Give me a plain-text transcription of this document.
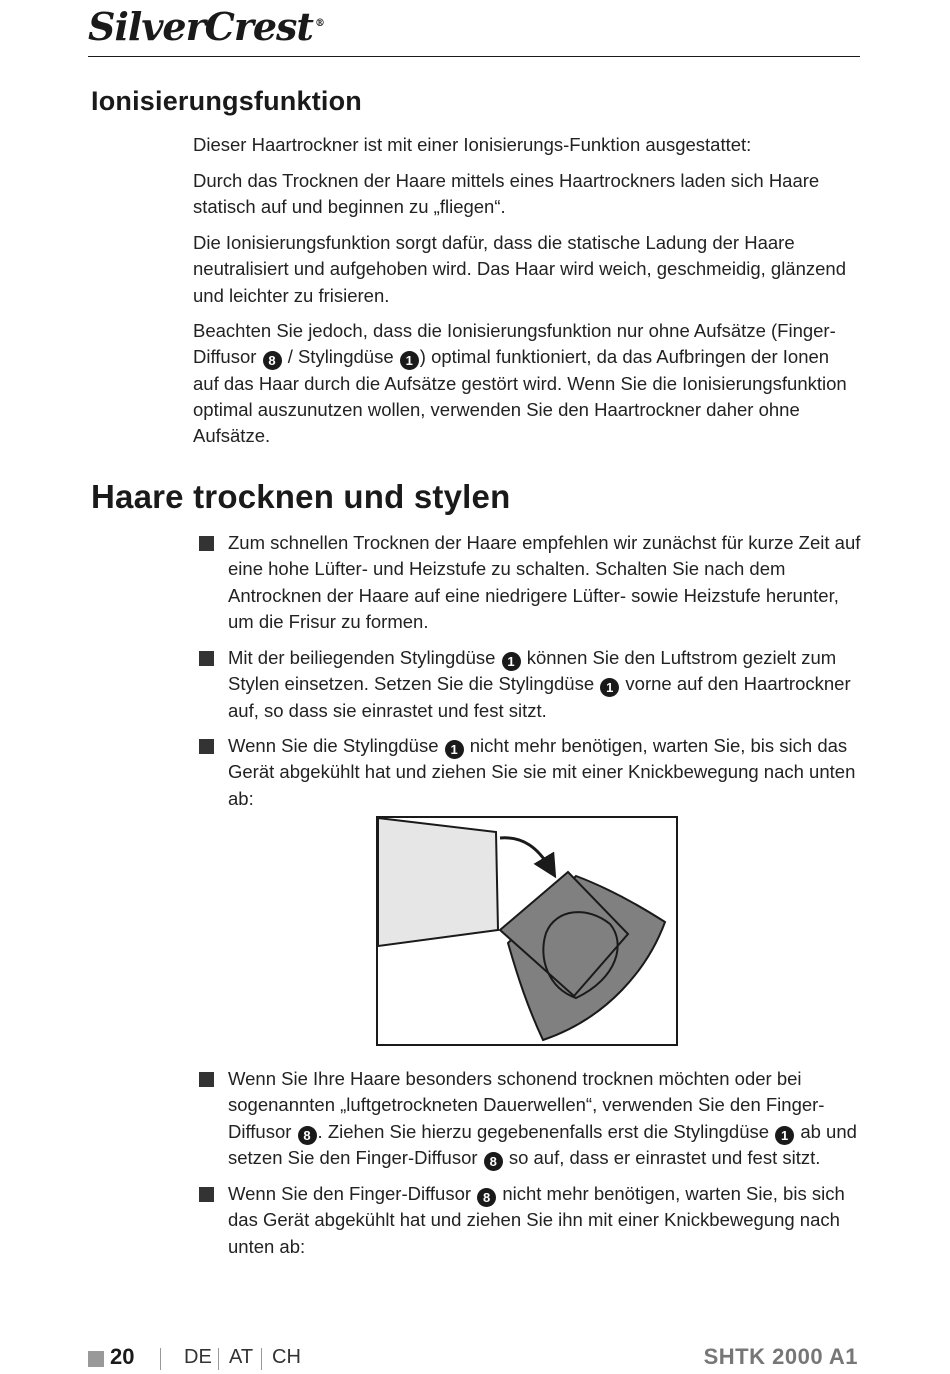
SilverCrest ®
Ionisierungsfunktion

Dieser Haartrockner ist mit einer Ionisierungs-Funktion ausgestattet:

Durch das Trocknen der Haare mittels eines Haartrockners laden sich Haare statisch auf und beginnen zu „fliegen“.

Die Ionisierungsfunktion sorgt dafür, dass die statische Ladung der Haare neutralisiert und aufgehoben wird. Das Haar wird weich, geschmeidig, glänzend und leichter zu frisieren.

Beachten Sie jedoch, dass die Ionisierungsfunktion nur ohne Aufsätze (Finger-Diffusor 8 / Stylingdüse 1 ) optimal funktioniert, da das Aufbringen der Ionen auf das Haar durch die Aufsätze gestört wird. Wenn Sie die Ionisierungsfunktion optimal auszunutzen wollen, verwenden Sie den Haartrockner daher ohne Aufsätze.

Haare trocknen und stylen
Zum schnellen Trocknen der Haare empfehlen wir zunächst für kurze Zeit auf eine hohe Lüfter- und Heizstufe zu schalten. Schalten Sie nach dem Antrocknen der Haare auf eine niedrigere Lüfter- sowie Heizstufe herunter, um die Frisur zu formen.
Mit der beiliegenden Stylingdüse 1 können Sie den Luftstrom gezielt zum Stylen einsetzen. Setzen Sie die Stylingdüse 1 vorne auf den Haartrockner auf, so dass sie einrastet und fest sitzt.
Wenn Sie die Stylingdüse 1 nicht mehr benötigen, warten Sie, bis sich das Gerät abgekühlt hat und ziehen Sie sie mit einer Knickbewegung nach unten ab:
Wenn Sie Ihre Haare besonders schonend trocknen möchten oder bei sogenannten „luftgetrockneten Dauerwellen“, verwenden Sie den Finger-Diffusor 8 . Ziehen Sie hierzu gegebenenfalls erst die Stylingdüse 1 ab und setzen Sie den Finger-Diffusor 8 so auf, dass er einrastet und fest sitzt.
Wenn Sie den Finger-Diffusor 8 nicht mehr benötigen, warten Sie, bis sich das Gerät abgekühlt hat und ziehen Sie ihn mit einer Knickbewegung nach unten ab:
20 DE AT CH	SHTK 2000 A1
